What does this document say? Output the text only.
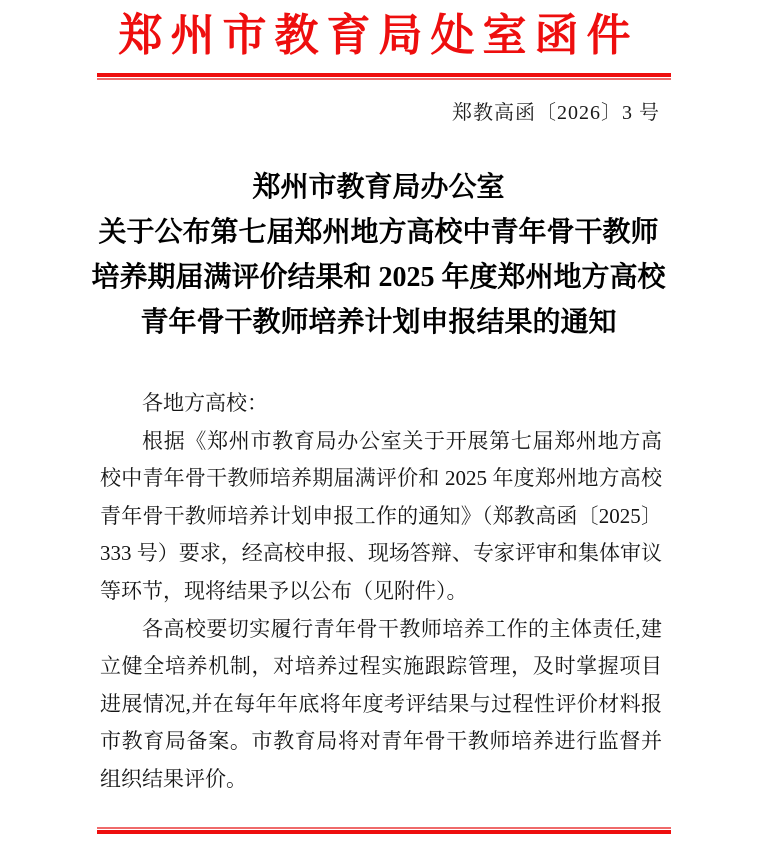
郑州市教育局处室函件
郑教高函〔2026〕3 号
郑州市教育局办公室
关于公布第七届郑州地方高校中青年骨干教师
培养期届满评价结果和 2025 年度郑州地方高校
青年骨干教师培养计划申报结果的通知

各地方高校：

根据《郑州市教育局办公室关于开展第七届郑州地方高校中青年骨干教师培养期届满评价和 2025 年度郑州地方高校青年骨干教师培养计划申报工作的通知》（郑教高函〔2025〕333 号）要求，经高校申报、现场答辩、专家评审和集体审议等环节，现将结果予以公布（见附件）。

各高校要切实履行青年骨干教师培养工作的主体责任,建立健全培养机制，对培养过程实施跟踪管理，及时掌握项目进展情况,并在每年年底将年度考评结果与过程性评价材料报市教育局备案。市教育局将对青年骨干教师培养进行监督并组织结果评价。
